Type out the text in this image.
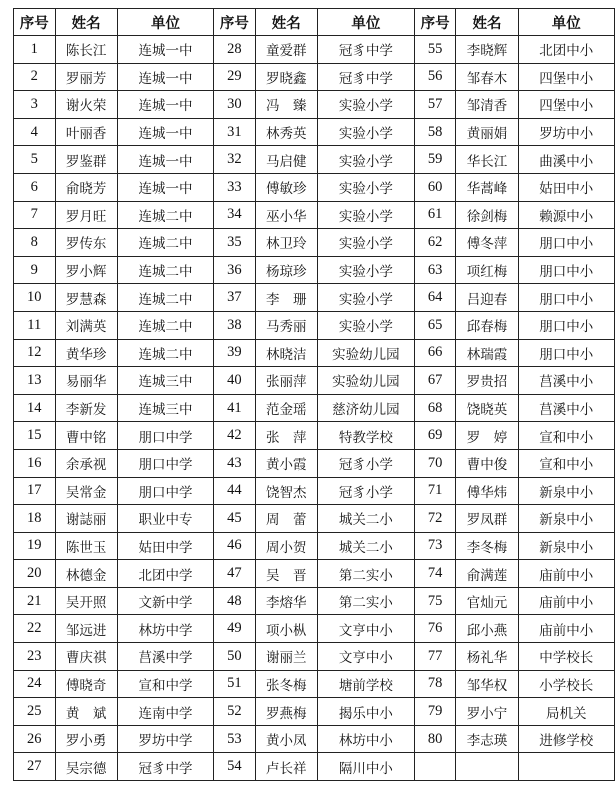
序号	姓名	单位	序号	姓名	单位	序号	姓名	单位
1	陈长江	连城一中	28	童爱群	冠豸中学	55	李晓辉	北团中小
2	罗丽芳	连城一中	29	罗晓鑫	冠豸中学	56	邹春木	四堡中小
3	谢火荣	连城一中	30	冯　臻	实验小学	57	邹清香	四堡中小
4	叶丽香	连城一中	31	林秀英	实验小学	58	黄丽娟	罗坊中小
5	罗鉴群	连城一中	32	马启健	实验小学	59	华长江	曲溪中小
6	俞晓芳	连城一中	33	傅敏珍	实验小学	60	华蒿峰	姑田中小
7	罗月旺	连城二中	34	巫小华	实验小学	61	徐剑梅	赖源中小
8	罗传东	连城二中	35	林卫玲	实验小学	62	傅冬萍	朋口中小
9	罗小辉	连城二中	36	杨琼珍	实验小学	63	项红梅	朋口中小
10	罗慧森	连城二中	37	李　珊	实验小学	64	吕迎春	朋口中小
11	刘满英	连城二中	38	马秀丽	实验小学	65	邱春梅	朋口中小
12	黄华珍	连城二中	39	林晓洁	实验幼儿园	66	林瑞霞	朋口中小
13	易丽华	连城三中	40	张丽萍	实验幼儿园	67	罗贵招	莒溪中小
14	李新发	连城三中	41	范金瑶	慈济幼儿园	68	饶晓英	莒溪中小
15	曹中铭	朋口中学	42	张　萍	特教学校	69	罗　婷	宣和中小
16	余承视	朋口中学	43	黄小霞	冠豸小学	70	曹中俊	宣和中小
17	吴常金	朋口中学	44	饶智杰	冠豸小学	71	傅华炜	新泉中小
18	谢誌丽	职业中专	45	周　蕾	城关二小	72	罗凤群	新泉中小
19	陈世玉	姑田中学	46	周小贺	城关二小	73	李冬梅	新泉中小
20	林德金	北团中学	47	吴　晋	第二实小	74	俞满莲	庙前中小
21	吴开照	文新中学	48	李熔华	第二实小	75	官灿元	庙前中小
22	邹远进	林坊中学	49	项小枞	文亨中小	76	邱小燕	庙前中小
23	曹庆祺	莒溪中学	50	谢丽兰	文亨中小	77	杨礼华	中学校长
24	傅晓奇	宣和中学	51	张冬梅	塘前学校	78	邹华权	小学校长
25	黄　斌	连南中学	52	罗燕梅	揭乐中小	79	罗小宁	局机关
26	罗小勇	罗坊中学	53	黄小凤	林坊中小	80	李志瑛	进修学校
27	吴宗德	冠豸中学	54	卢长祥	隔川中小			
